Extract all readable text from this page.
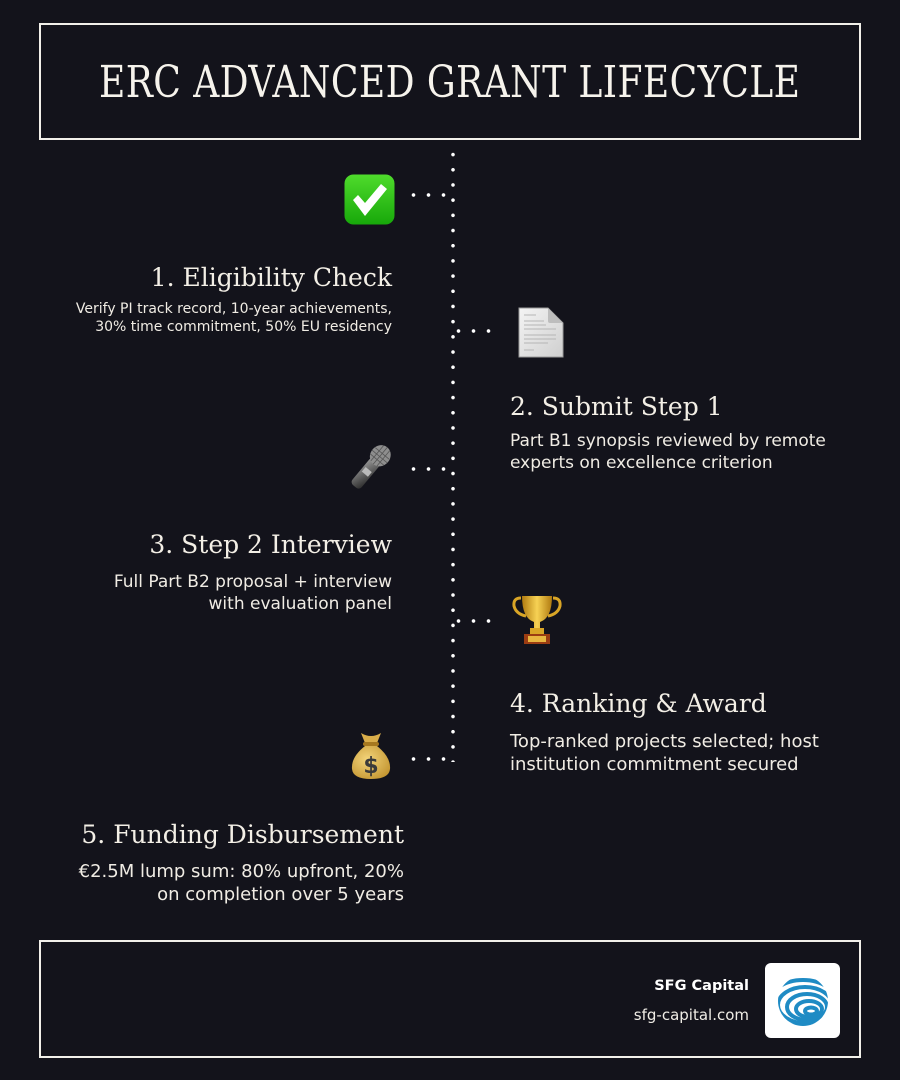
ERC ADVANCED GRANT LIFECYCLE
1. Eligibility Check
Verify PI track record, 10-year achievements,
30% time commitment, 50% EU residency
2. Submit Step 1
Part B1 synopsis reviewed by remote
experts on excellence criterion
3. Step 2 Interview
Full Part B2 proposal + interview
with evaluation panel
4. Ranking & Award
Top-ranked projects selected; host
institution commitment secured
$
5. Funding Disbursement
€2.5M lump sum: 80% upfront, 20%
on completion over 5 years
SFG Capital
sfg-capital.com
